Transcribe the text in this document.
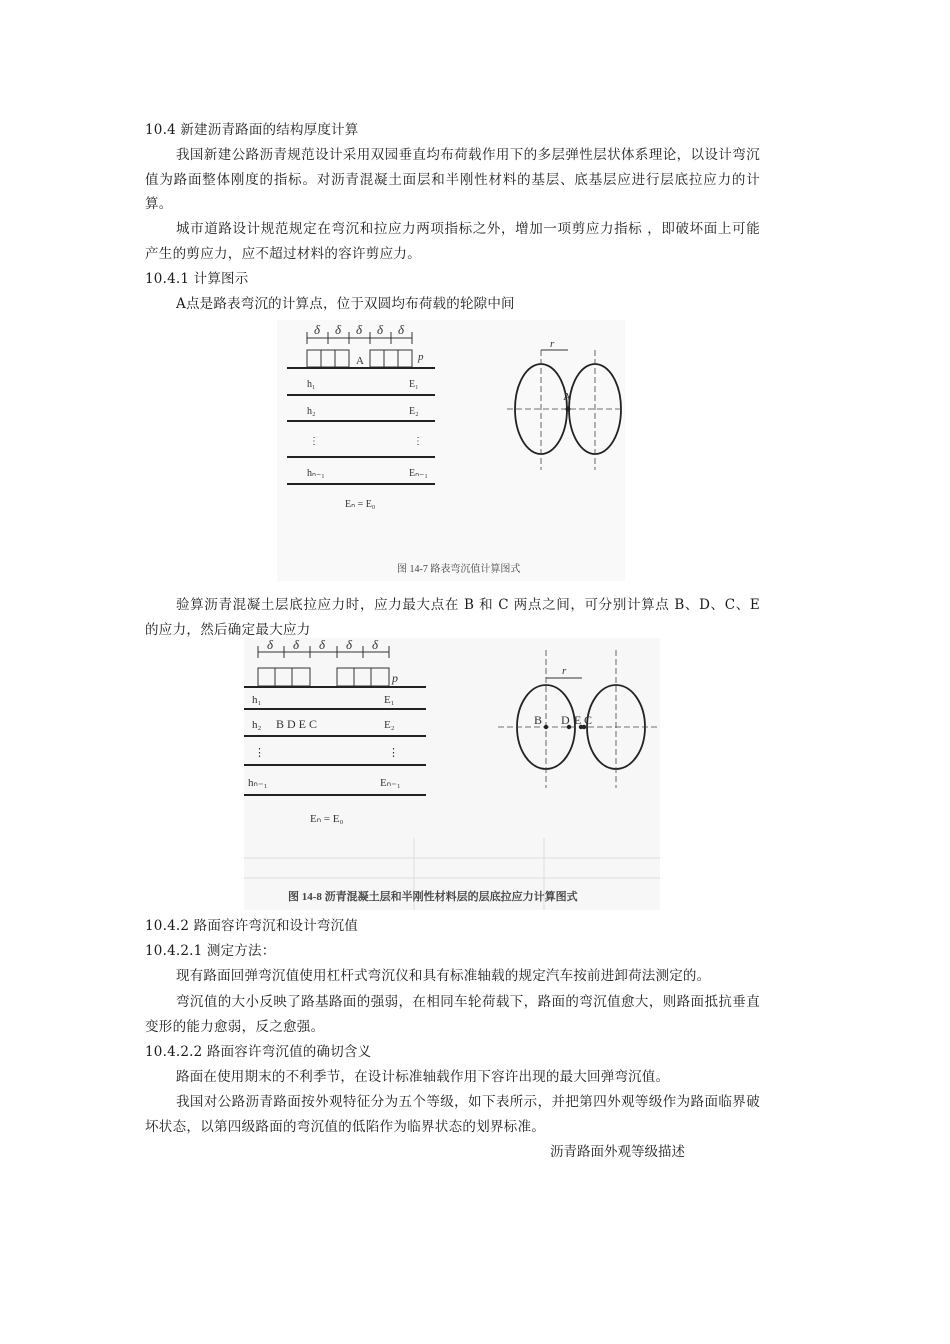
10.4 新建沥青路面的结构厚度计算
我国新建公路沥青规范设计采用双园垂直均布荷载作用下的多层弹性层状体系理论，以设计弯沉值为路面整体刚度的指标。对沥青混凝土面层和半刚性材料的基层、底基层应进行层底拉应力的计算。
城市道路设计规范规定在弯沉和拉应力两项指标之外，增加一项剪应力指标 ，即破坏面上可能产生的剪应力，应不超过材料的容许剪应力。
10.4.1 计算图示
A点是路表弯沉的计算点，位于双圆均布荷载的轮隙中间
δ δ δ δ δ
A	p
h₁	E₁
h₂	E₂
⋮	⋮
hₙ₋₁	Eₙ₋₁
Eₙ = E₀
r
A
图 14-7 路表弯沉值计算图式
验算沥青混凝土层底拉应力时，应力最大点在 B 和 C 两点之间，可分别计算点 B、D、C、E 的应力，然后确定最大应力
δ δ δ δ δ
p
h₁	E₁
h₂ B D E C	E₂
⋮	⋮
hₙ₋₁	Eₙ₋₁
Eₙ = E₀
r
B D E C
图 14-8 沥青混凝土层和半刚性材料层的层底拉应力计算图式
10.4.2 路面容许弯沉和设计弯沉值
10.4.2.1 测定方法：
现有路面回弹弯沉值使用杠杆式弯沉仪和具有标准轴载的规定汽车按前进卸荷法测定的。
弯沉值的大小反映了路基路面的强弱，在相同车轮荷载下，路面的弯沉值愈大，则路面抵抗垂直变形的能力愈弱，反之愈强。
10.4.2.2 路面容许弯沉值的确切含义
路面在使用期末的不利季节，在设计标准轴载作用下容许出现的最大回弹弯沉值。
我国对公路沥青路面按外观特征分为五个等级，如下表所示，并把第四外观等级作为路面临界破坏状态，以第四级路面的弯沉值的低陷作为临界状态的划界标准。
沥青路面外观等级描述
